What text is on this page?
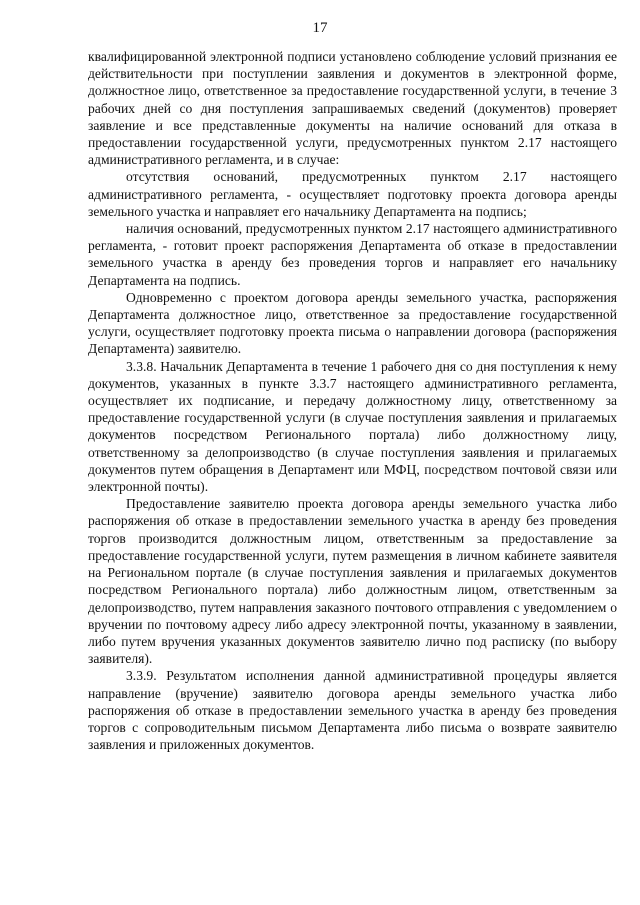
17

квалифицированной электронной подписи установлено соблюдение условий признания ее действительности при поступлении заявления и документов в электронной форме, должностное лицо, ответственное за предоставление государственной услуги, в течение 3 рабочих дней со дня поступления запрашиваемых сведений (документов) проверяет заявление и все представленные документы на наличие оснований для отказа в предоставлении государственной услуги, предусмотренных пунктом 2.17 настоящего административного регламента, и в случае:

отсутствия оснований, предусмотренных пунктом 2.17 настоящего административного регламента, - осуществляет подготовку проекта договора аренды земельного участка и направляет его начальнику Департамента на подпись;

наличия оснований, предусмотренных пунктом 2.17 настоящего административного регламента, - готовит проект распоряжения Департамента об отказе в предоставлении земельного участка в аренду без проведения торгов и направляет его начальнику Департамента на подпись.

Одновременно с проектом договора аренды земельного участка, распоряжения Департамента должностное лицо, ответственное за предоставление государственной услуги, осуществляет подготовку проекта письма о направлении договора (распоряжения Департамента) заявителю.

3.3.8. Начальник Департамента в течение 1 рабочего дня со дня поступления к нему документов, указанных в пункте 3.3.7 настоящего административного регламента, осуществляет их подписание, и передачу должностному лицу, ответственному за предоставление государственной услуги (в случае поступления заявления и прилагаемых документов посредством Регионального портала) либо должностному лицу, ответственному за делопроизводство (в случае поступления заявления и прилагаемых документов путем обращения в Департамент или МФЦ, посредством почтовой связи или электронной почты).

Предоставление заявителю проекта договора аренды земельного участка либо распоряжения об отказе в предоставлении земельного участка в аренду без проведения торгов производится должностным лицом, ответственным за предоставление за предоставление государственной услуги, путем размещения в личном кабинете заявителя на Региональном портале (в случае поступления заявления и прилагаемых документов посредством Регионального портала) либо должностным лицом, ответственным за делопроизводство, путем направления заказного почтового отправления с уведомлением о вручении по почтовому адресу либо адресу электронной почты, указанному в заявлении, либо путем вручения указанных документов заявителю лично под расписку (по выбору заявителя).

3.3.9. Результатом исполнения данной административной процедуры является направление (вручение) заявителю договора аренды земельного участка либо распоряжения об отказе в предоставлении земельного участка в аренду без проведения торгов с сопроводительным письмом Департамента либо письма о возврате заявителю заявления и приложенных документов.
